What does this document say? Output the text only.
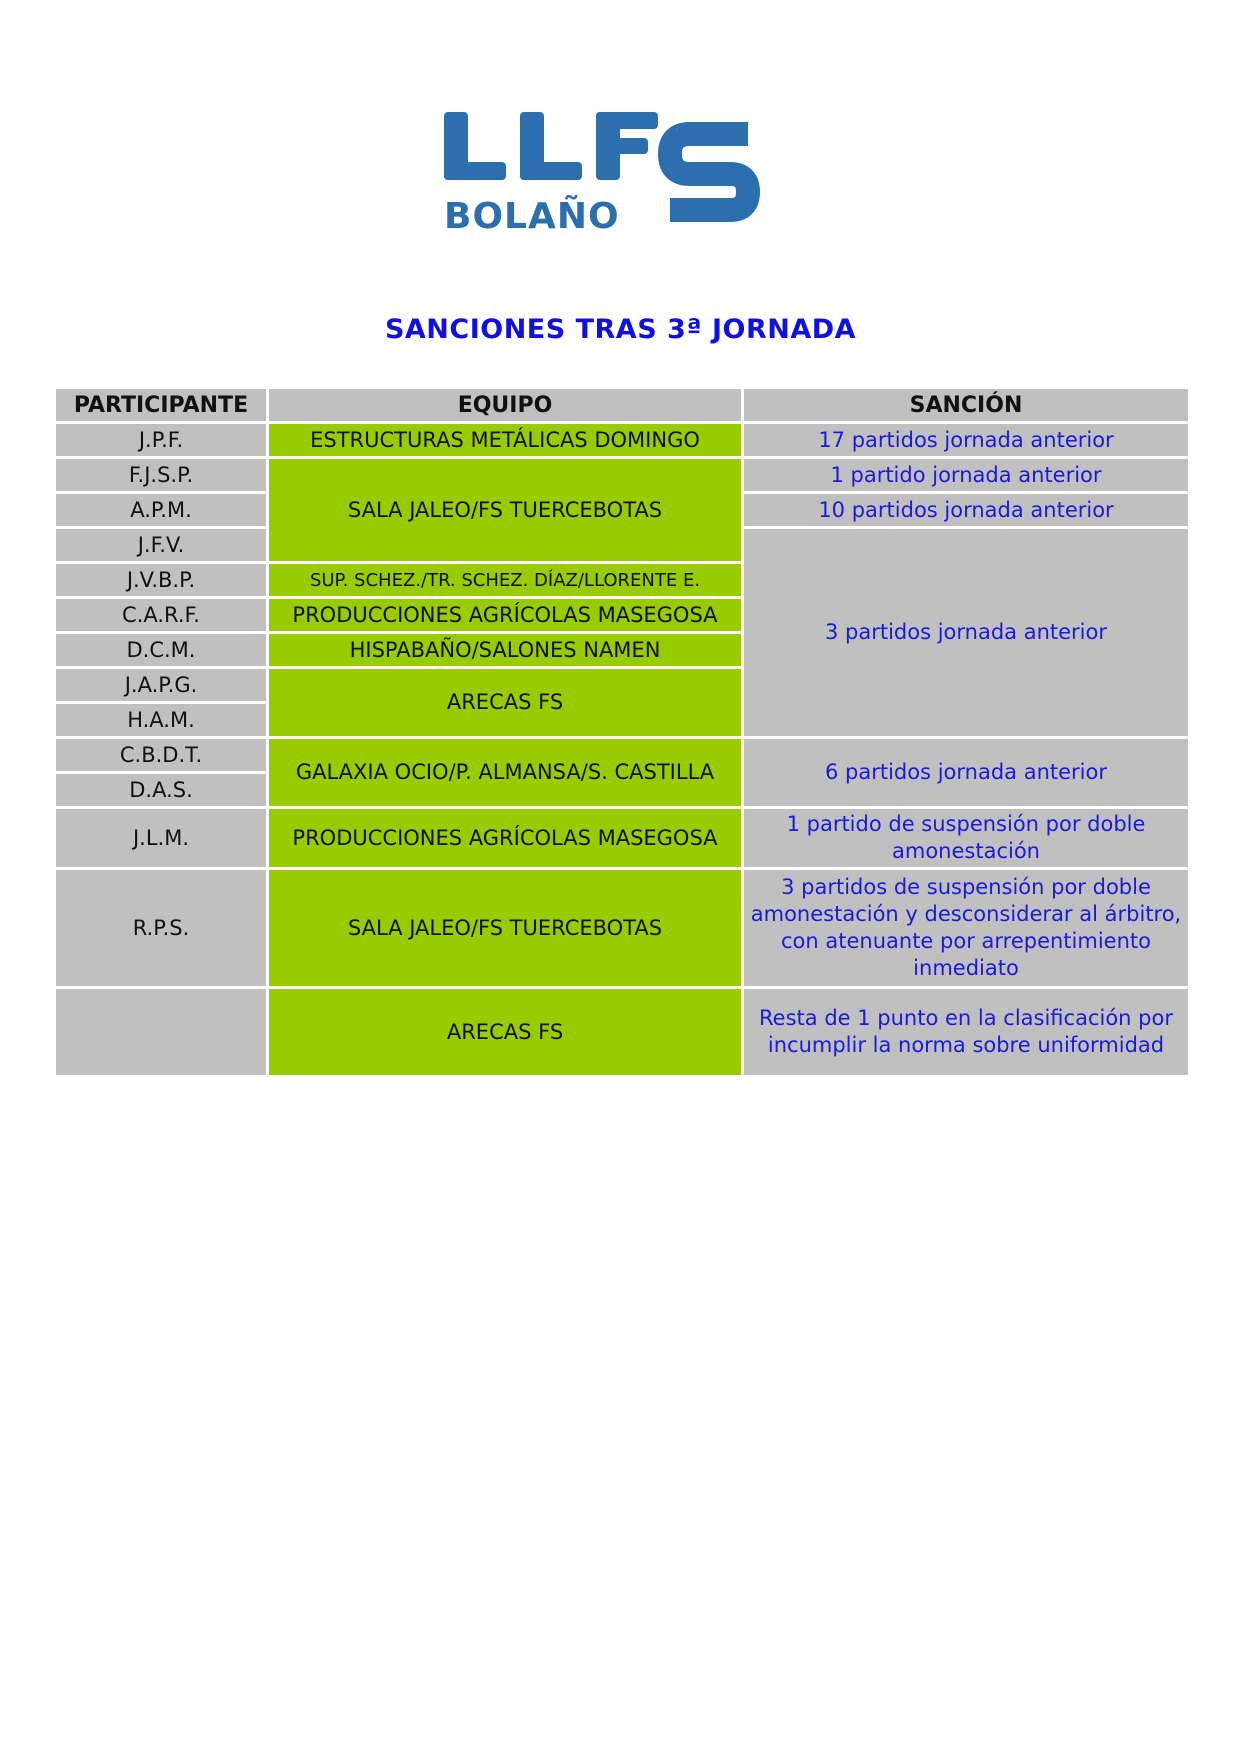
BOLAÑO
LLF
SANCIONES TRAS 3ª JORNADA
PARTICIPANTE	EQUIPO	SANCIÓN
J.P.F.
F.J.S.P.
A.P.M.
J.F.V.
J.V.B.P.
C.A.R.F.
D.C.M.
J.A.P.G.
H.A.M.
C.B.D.T.
D.A.S.
J.L.M.
R.P.S.
ESTRUCTURAS METÁLICAS DOMINGO
SALA JALEO/FS TUERCEBOTAS
SUP. SCHEZ./TR. SCHEZ. DÍAZ/LLORENTE E.
PRODUCCIONES AGRÍCOLAS MASEGOSA
HISPABAÑO/SALONES NAMEN
ARECAS FS
GALAXIA OCIO/P. ALMANSA/S. CASTILLA
PRODUCCIONES AGRÍCOLAS MASEGOSA
SALA JALEO/FS TUERCEBOTAS
ARECAS FS
17 partidos jornada anterior
1 partido jornada anterior
10 partidos jornada anterior
3 partidos jornada anterior
6 partidos jornada anterior
1 partido de suspensión por doble amonestación
3 partidos de suspensión por doble amonestación y desconsiderar al árbitro, con atenuante por arrepentimiento inmediato
Resta de 1 punto en la clasificación por incumplir la norma sobre uniformidad
